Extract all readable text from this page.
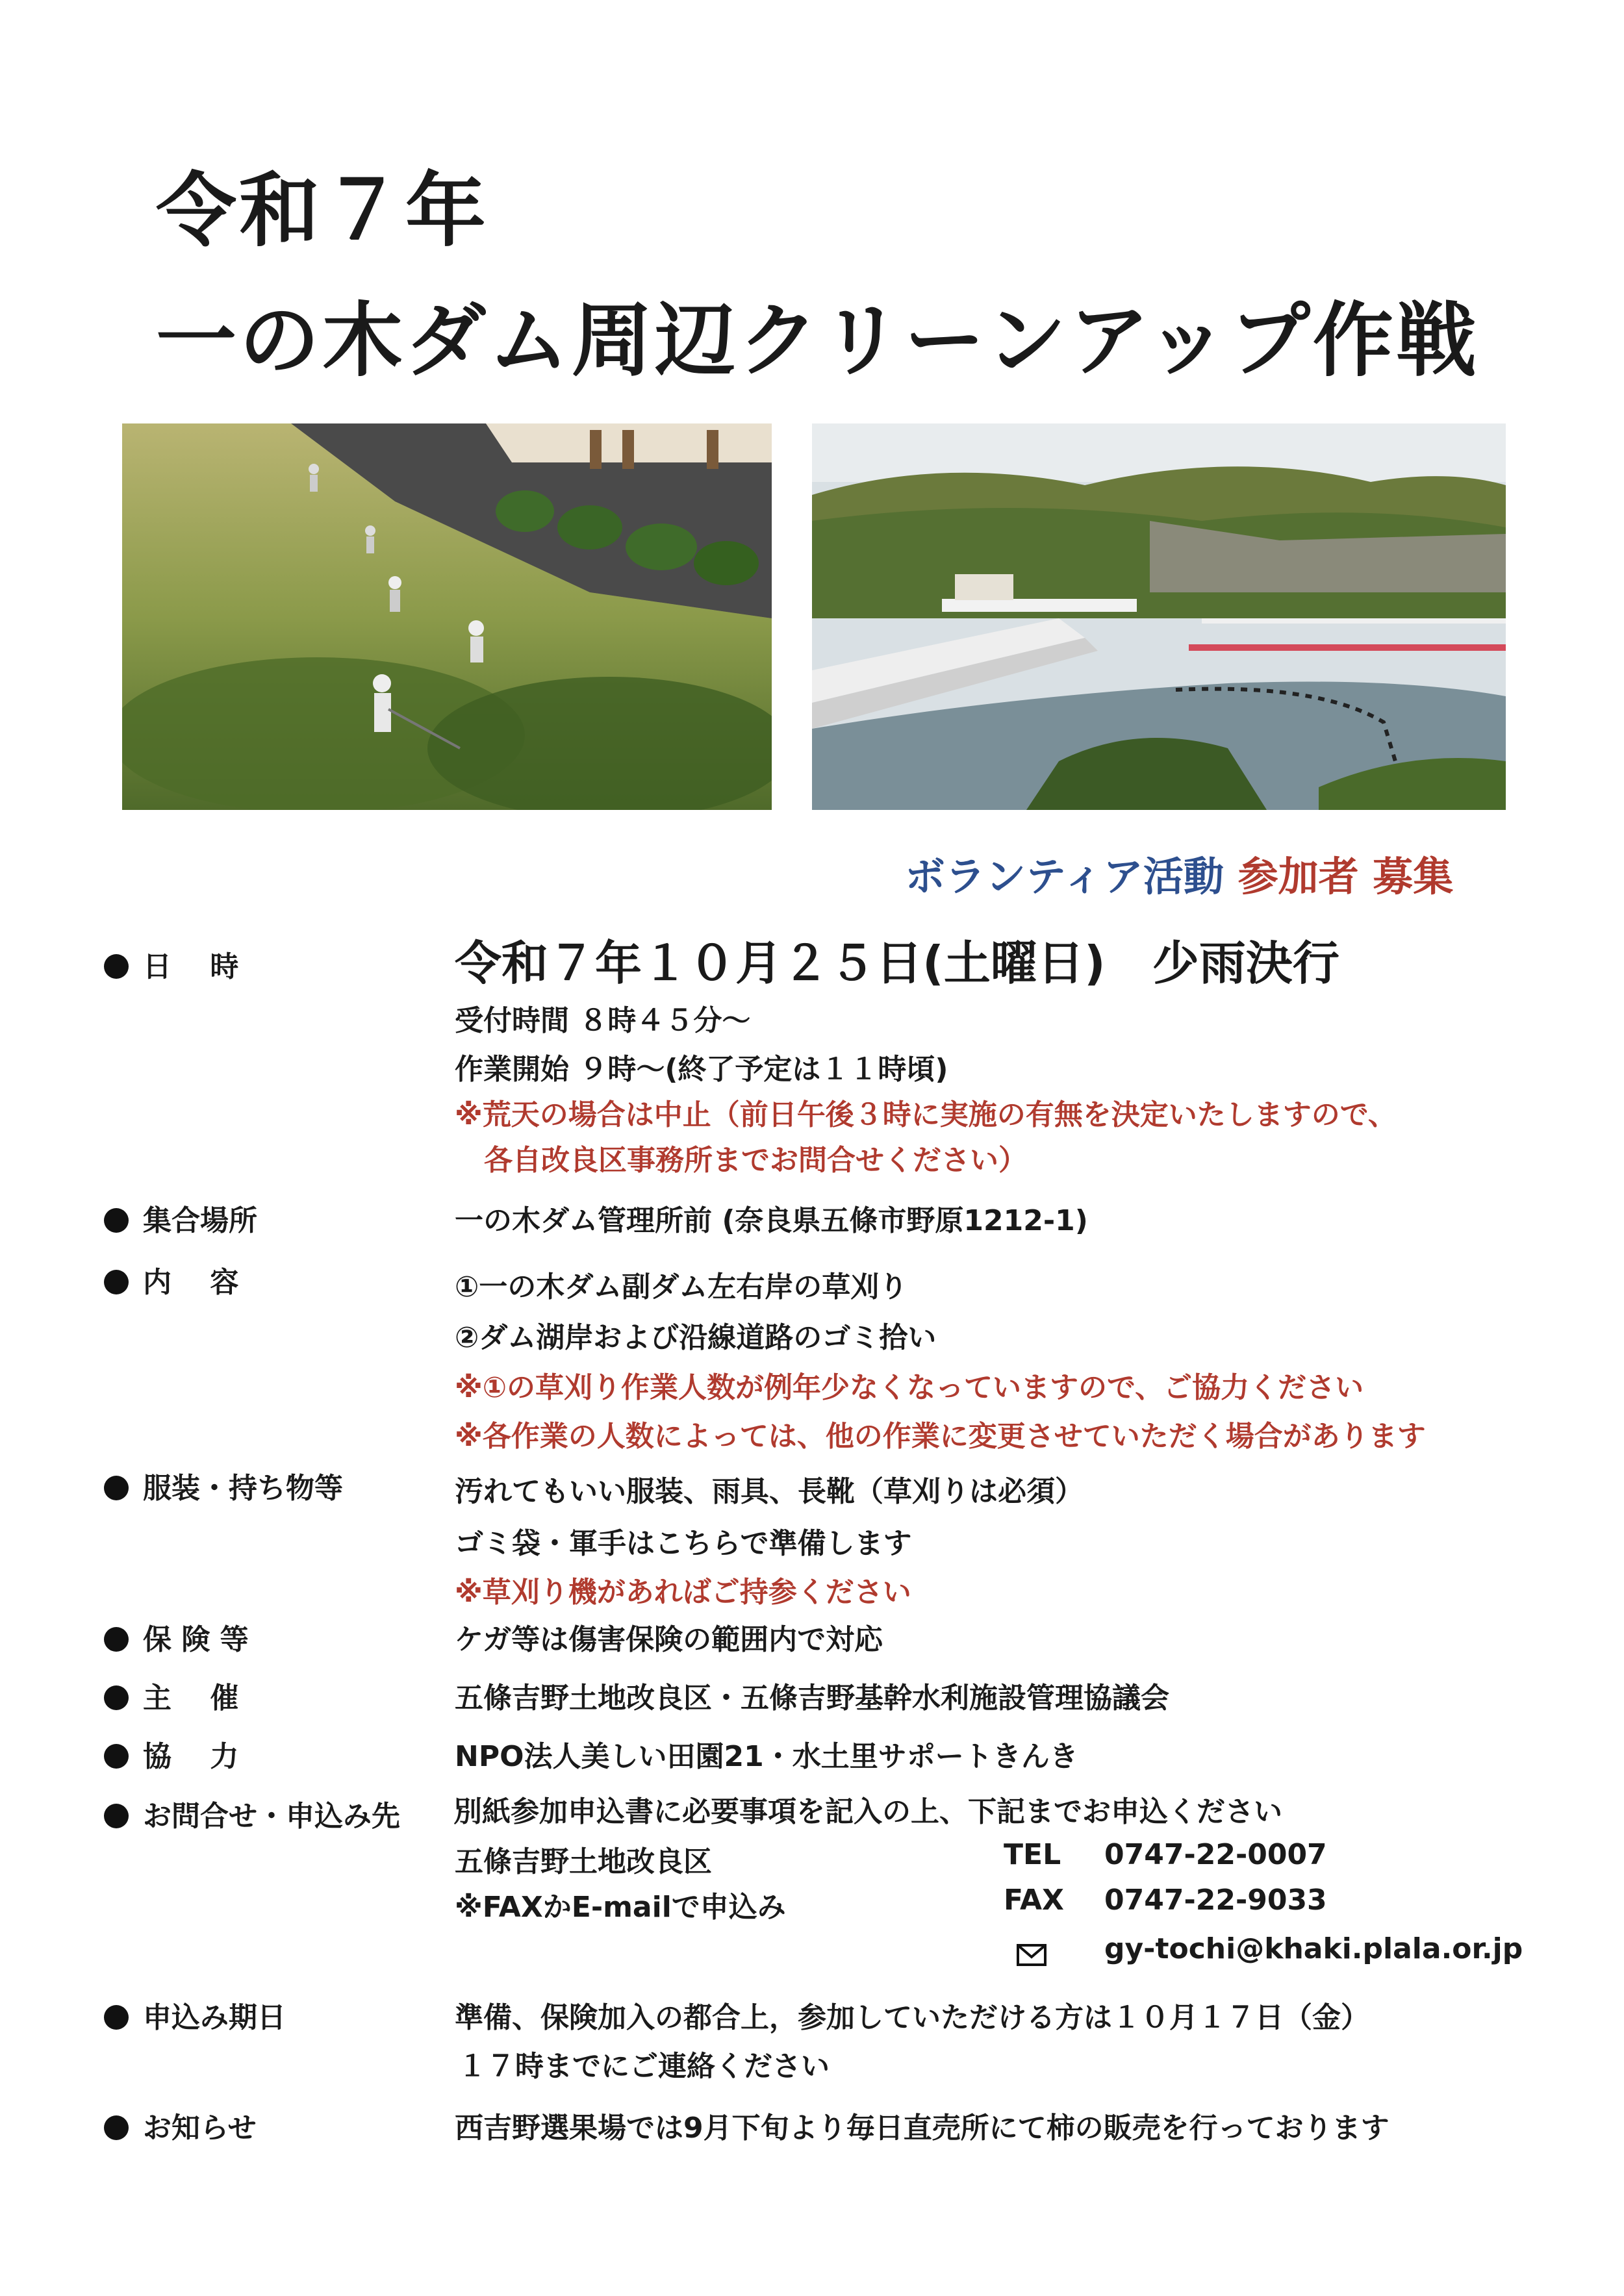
令和７年
一の木ダム周辺クリーンアップ作戦
ボランティア活動 参加者 募集
日　 時	令和７年１０月２５日(土曜日)　少雨決行
受付時間 ８時４５分～
作業開始 ９時～(終了予定は１１時頃)
※荒天の場合は中止（前日午後３時に実施の有無を決定いたしますので、
各自改良区事務所までお問合せください）
集合場所	一の木ダム管理所前 (奈良県五條市野原1212-1)
内　 容	①一の木ダム副ダム左右岸の草刈り
②ダム湖岸および沿線道路のゴミ拾い
※①の草刈り作業人数が例年少なくなっていますので、ご協力ください
※各作業の人数によっては、他の作業に変更させていただく場合があります
服装・持ち物等	汚れてもいい服装、雨具、長靴（草刈りは必須）
ゴミ袋・軍手はこちらで準備します
※草刈り機があればご持参ください
保 険 等	ケガ等は傷害保険の範囲内で対応
主　 催	五條吉野土地改良区・五條吉野基幹水利施設管理協議会
協　 力	NPO法人美しい田園21・水土里サポートきんき
お問合せ・申込み先 別紙参加申込書に必要事項を記入の上、下記までお申込ください
五條吉野土地改良区
※FAXかE-mailで申込み
TEL 0747-22-0007
FAX 0747-22-9033
gy-tochi@khaki.plala.or.jp
申込み期日	準備、保険加入の都合上，参加していただける方は１０月１７日（金）
１７時までにご連絡ください
お知らせ	西吉野選果場では9月下旬より毎日直売所にて柿の販売を行っております
